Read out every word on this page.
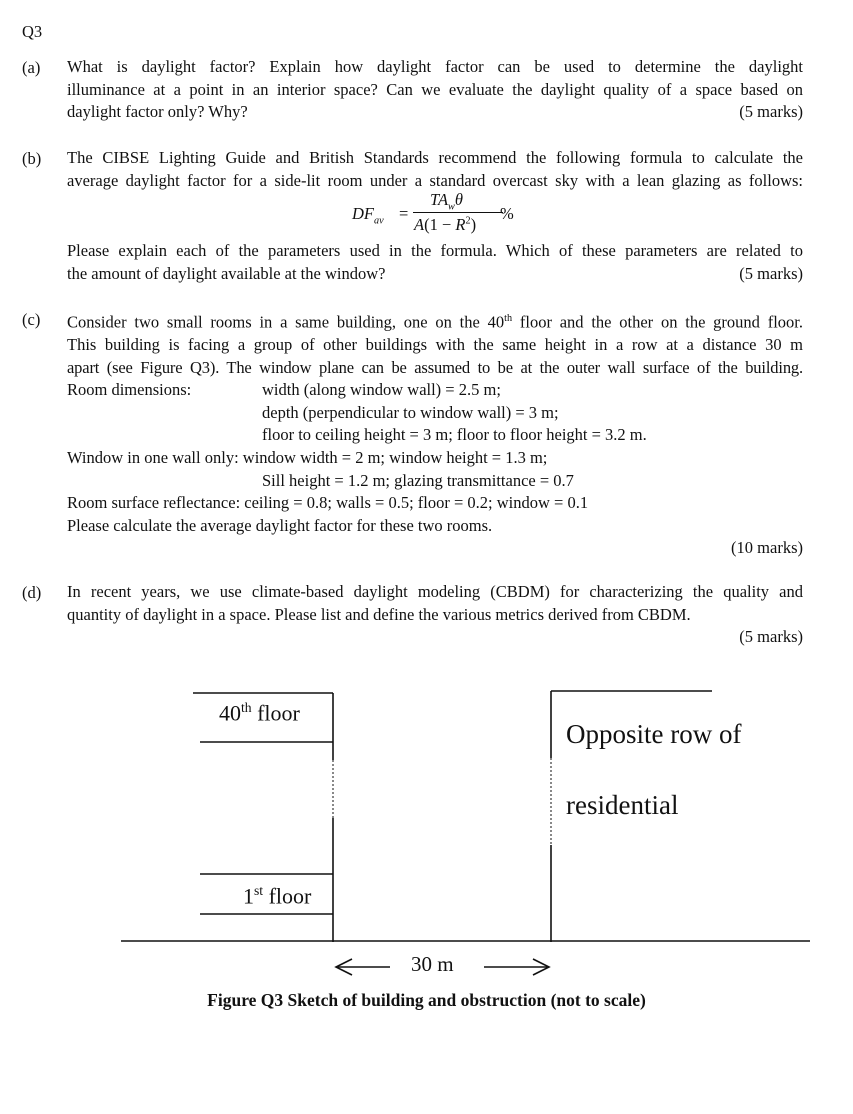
Q3
(a) What is daylight factor? Explain how daylight factor can be used to determine the daylight
illuminance at a point in an interior space? Can we evaluate the daylight quality of a space based on
daylight factor only? Why?	(5 marks)
(b) The CIBSE Lighting Guide and British Standards recommend the following formula to calculate the
average daylight factor for a side-lit room under a standard overcast sky with a lean glazing as follows:
$DF_{av}$ =
$TA_w\theta$
$A(1 - R^2)$
%
Please explain each of the parameters used in the formula. Which of these parameters are related to
the amount of daylight available at the window?	(5 marks)
(c) Consider two small rooms in a same building, one on the 40th floor and the other on the ground floor.
This building is facing a group of other buildings with the same height in a row at a distance 30 m
apart (see Figure Q3). The window plane can be assumed to be at the outer wall surface of the building.
Room dimensions:	width (along window wall) = 2.5 m;
depth (perpendicular to window wall) = 3 m;
floor to ceiling height = 3 m; floor to floor height = 3.2 m.
Window in one wall only: window width = 2 m; window height = 1.3 m;
Sill height = 1.2 m; glazing transmittance = 0.7
Room surface reflectance: ceiling = 0.8; walls = 0.5; floor = 0.2; window = 0.1
Please calculate the average daylight factor for these two rooms.
(10 marks)
(d) In recent years, we use climate-based daylight modeling (CBDM) for characterizing the quality and
quantity of daylight in a space. Please list and define the various metrics derived from CBDM.
(5 marks)
40th floor
1st floor
Opposite row of
residential
30 m
Figure Q3 Sketch of building and obstruction (not to scale)
